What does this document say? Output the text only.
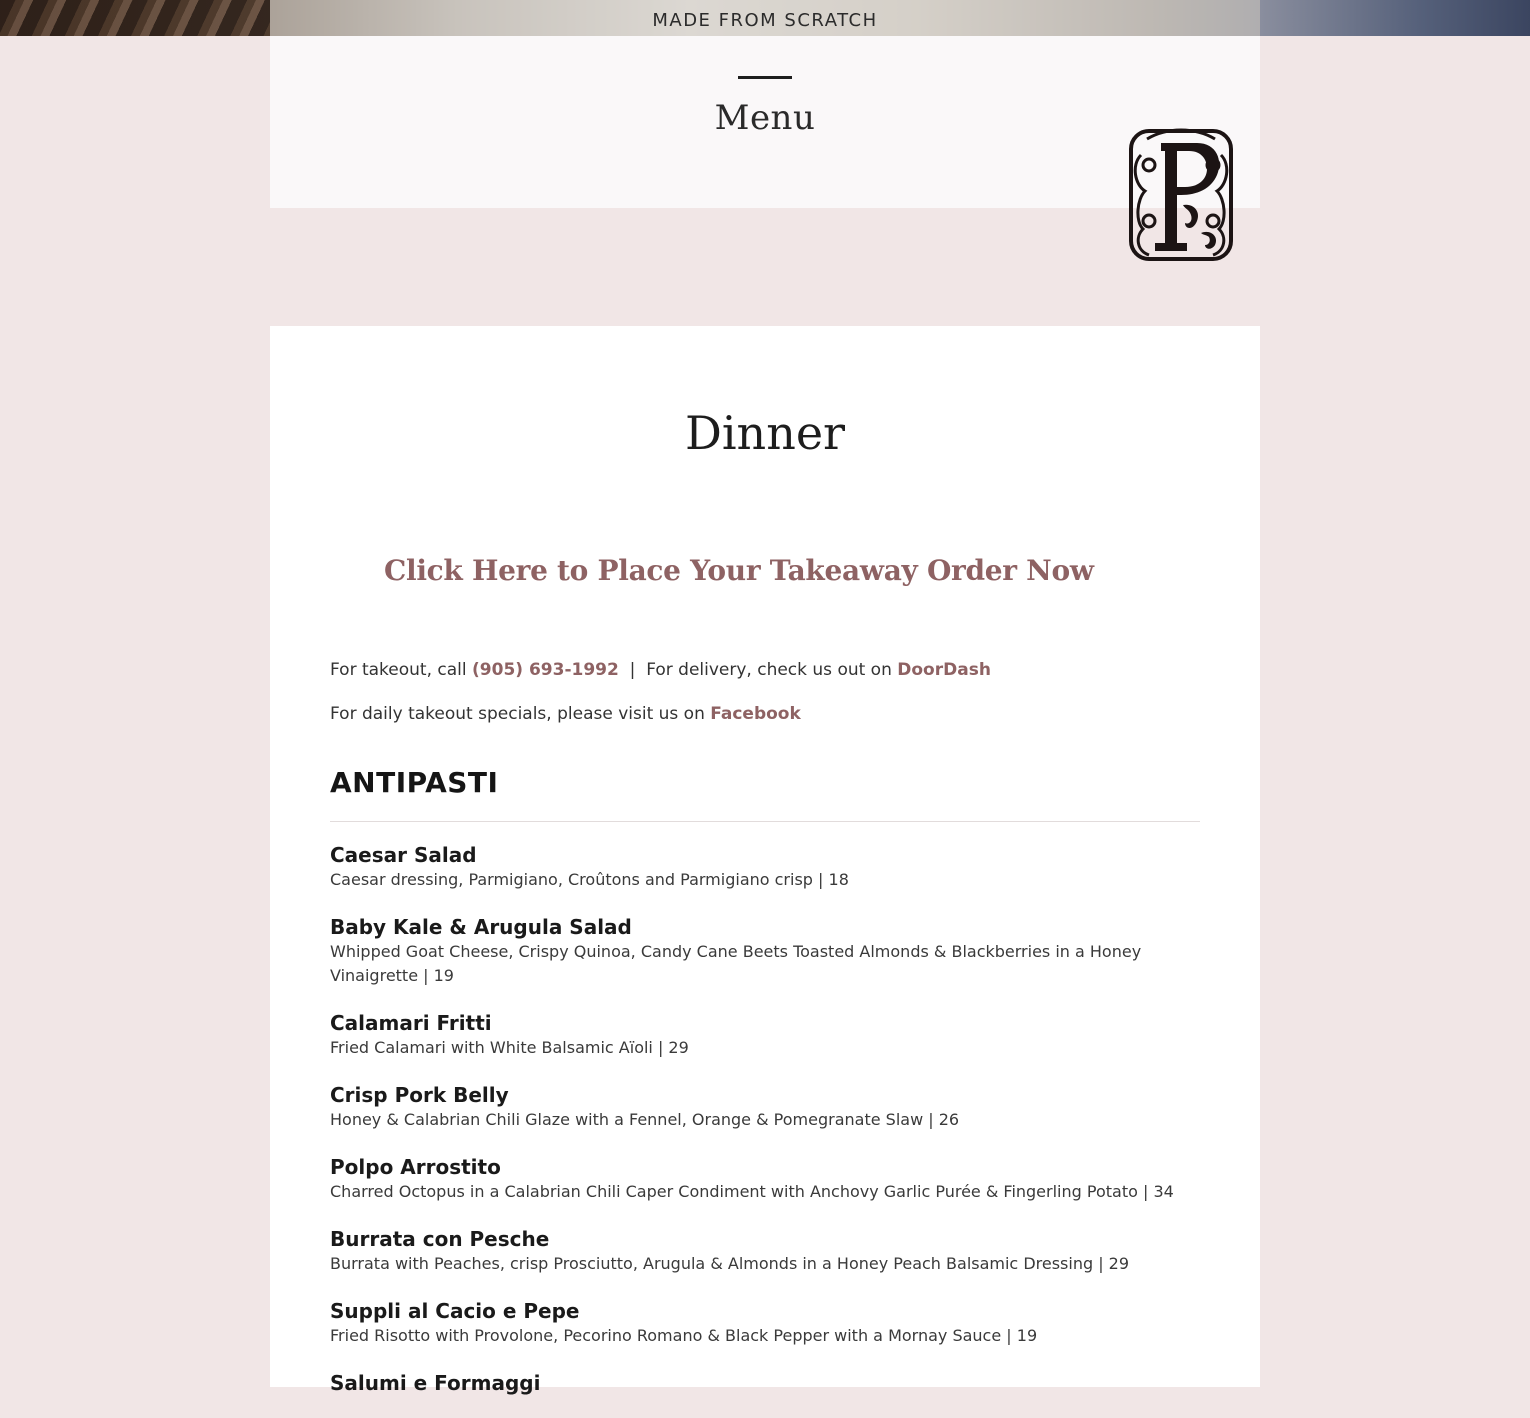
MADE FROM SCRATCH
Menu
Dinner
Click Here to Place Your Takeaway Order Now
For takeout, call (905) 693-1992 | For delivery, check us out on DoorDash
For daily takeout specials, please visit us on Facebook
ANTIPASTI
Caesar Salad
Caesar dressing, Parmigiano, Croûtons and Parmigiano crisp | 18
Baby Kale & Arugula Salad
Whipped Goat Cheese, Crispy Quinoa, Candy Cane Beets Toasted Almonds & Blackberries in a Honey Vinaigrette | 19
Calamari Fritti
Fried Calamari with White Balsamic Aïoli | 29
Crisp Pork Belly
Honey & Calabrian Chili Glaze with a Fennel, Orange & Pomegranate Slaw | 26
Polpo Arrostito
Charred Octopus in a Calabrian Chili Caper Condiment with Anchovy Garlic Purée & Fingerling Potato | 34
Burrata con Pesche
Burrata with Peaches, crisp Prosciutto, Arugula & Almonds in a Honey Peach Balsamic Dressing | 29
Suppli al Cacio e Pepe
Fried Risotto with Provolone, Pecorino Romano & Black Pepper with a Mornay Sauce | 19
Salumi e Formaggi
